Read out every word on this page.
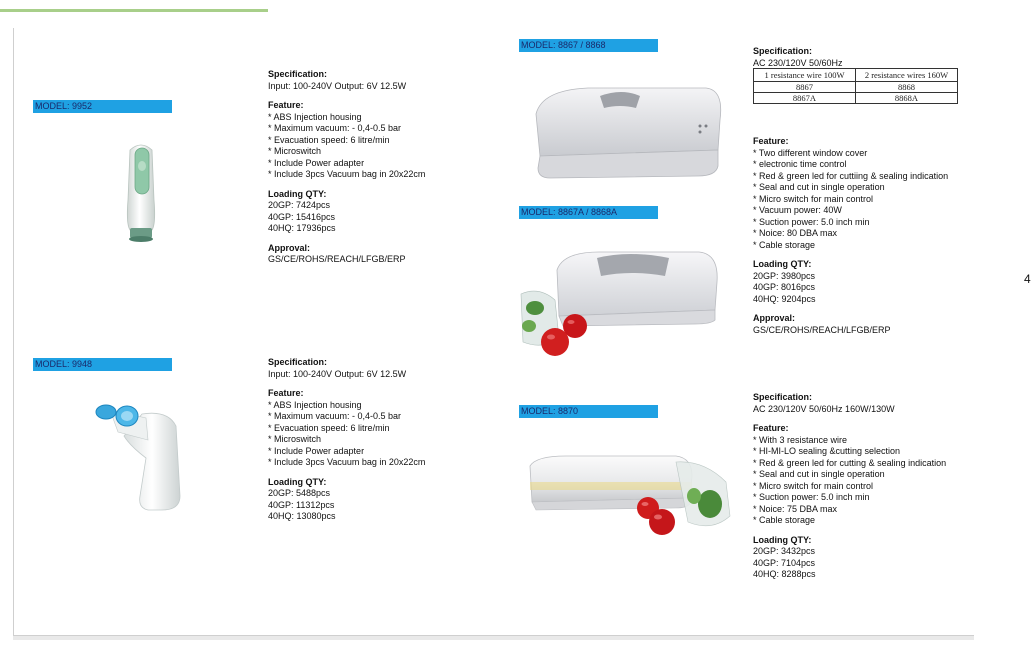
4
MODEL: 9952
Specification:
Input: 100-240V Output: 6V 12.5W
Feature:
* ABS Injection housing
* Maximum vacuum: - 0,4-0.5 bar
* Evacuation speed: 6 litre/min
* Microswitch
* Include Power adapter
* Include 3pcs Vacuum bag in 20x22cm
Loading QTY:
20GP: 7424pcs
40GP: 15416pcs
40HQ: 17936pcs
Approval:
GS/CE/ROHS/REACH/LFGB/ERP
MODEL: 9948	Specification:
Input: 100-240V Output: 6V 12.5W
Feature:
* ABS Injection housing
* Maximum vacuum: - 0,4-0.5 bar
* Evacuation speed: 6 litre/min
* Microswitch
* Include Power adapter
* Include 3pcs Vacuum bag in 20x22cm
Loading QTY:
20GP: 5488pcs
40GP: 11312pcs
40HQ: 13080pcs
MODEL: 8867 / 8868
MODEL: 8867A / 8868A
Specification:
AC 230/120V 50/60Hz
1 resistance wire 100W	2 resistance wires 160W
8867	8868
8867A	8868A
Feature:
* Two different window cover
* electronic time control
* Red & green led for cuttiing & sealing indication
* Seal and cut in single operation
* Micro switch for main control
* Vacuum power: 40W
* Suction power: 5.0 inch min
* Noice: 80 DBA max
* Cable storage
Loading QTY:
20GP: 3980pcs
40GP: 8016pcs
40HQ: 9204pcs
Approval:
GS/CE/ROHS/REACH/LFGB/ERP
MODEL: 8870
Specification:
AC 230/120V 50/60Hz 160W/130W
Feature:
* With 3 resistance wire
* HI-MI-LO sealing &cutting selection
* Red & green led for cutting & sealing indication
* Seal and cut in single operation
* Micro switch for main control
* Suction power: 5.0 inch min
* Noice: 75 DBA max
* Cable storage
Loading QTY:
20GP: 3432pcs
40GP: 7104pcs
40HQ: 8288pcs
